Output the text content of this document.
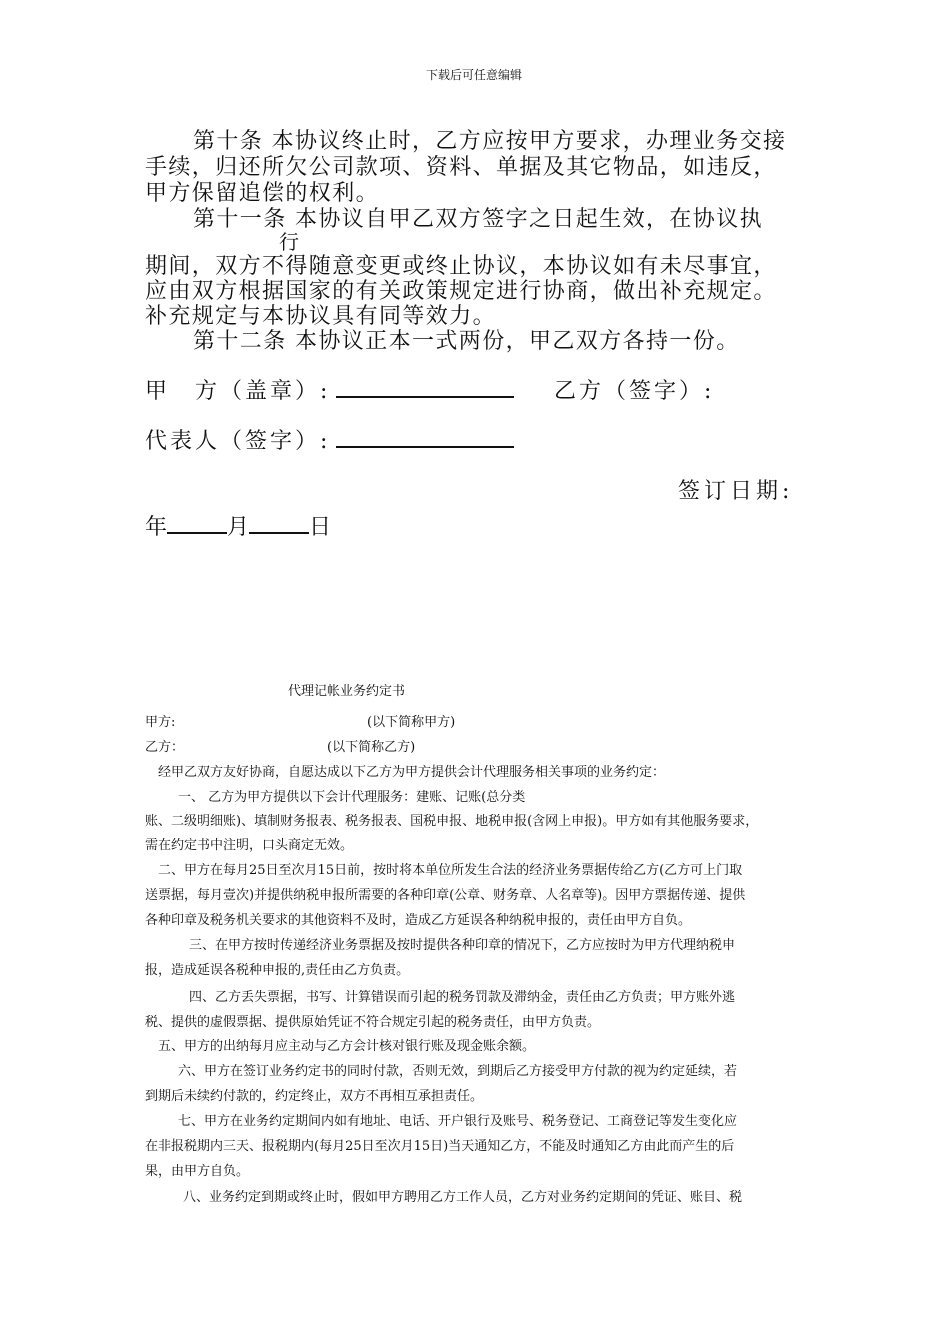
下载后可任意编辑
第十条 本协议终止时，乙方应按甲方要求，办理业务交接
手续，归还所欠公司款项、资料、单据及其它物品，如违反，
甲方保留追偿的权利。
第十一条 本协议自甲乙双方签字之日起生效，在协议执
行
期间，双方不得随意变更或终止协议，本协议如有未尽事宜，
应由双方根据国家的有关政策规定进行协商，做出补充规定。
补充规定与本协议具有同等效力。
第十二条 本协议正本一式两份，甲乙双方各持一份。
甲　方（盖章）:	乙方（签字）:
代表人（签字）:
签订日期:
年	月	日
代理记帐业务约定书
甲方:	(以下简称甲方)
乙方：	(以下简称乙方)
经甲乙双方友好协商，自愿达成以下乙方为甲方提供会计代理服务相关事项的业务约定：
一、 乙方为甲方提供以下会计代理服务：建账、记账(总分类
账、二级明细账)、填制财务报表、税务报表、国税申报、地税申报(含网上申报)。甲方如有其他服务要求，
需在约定书中注明，口头商定无效。
二、甲方在每月25日至次月15日前，按时将本单位所发生合法的经济业务票据传给乙方(乙方可上门取
送票据，每月壹次)并提供纳税申报所需要的各种印章(公章、财务章、人名章等)。因甲方票据传递、提供
各种印章及税务机关要求的其他资料不及时，造成乙方延误各种纳税申报的，责任由甲方自负。
三、在甲方按时传递经济业务票据及按时提供各种印章的情况下，乙方应按时为甲方代理纳税申
报，造成延误各税种申报的,责任由乙方负责。
四、乙方丢失票据，书写、计算错误而引起的税务罚款及滞纳金，责任由乙方负责；甲方账外逃
税、提供的虚假票据、提供原始凭证不符合规定引起的税务责任，由甲方负责。
五、甲方的出纳每月应主动与乙方会计核对银行账及现金账余额。
六、甲方在签订业务约定书的同时付款，否则无效，到期后乙方接受甲方付款的视为约定延续，若
到期后未续约付款的，约定终止，双方不再相互承担责任。
七、甲方在业务约定期间内如有地址、电话、开户银行及账号、税务登记、工商登记等发生变化应
在非报税期内三天、报税期内(每月25日至次月15日)当天通知乙方，不能及时通知乙方由此而产生的后
果，由甲方自负。
八、业务约定到期或终止时，假如甲方聘用乙方工作人员，乙方对业务约定期间的凭证、账目、税
